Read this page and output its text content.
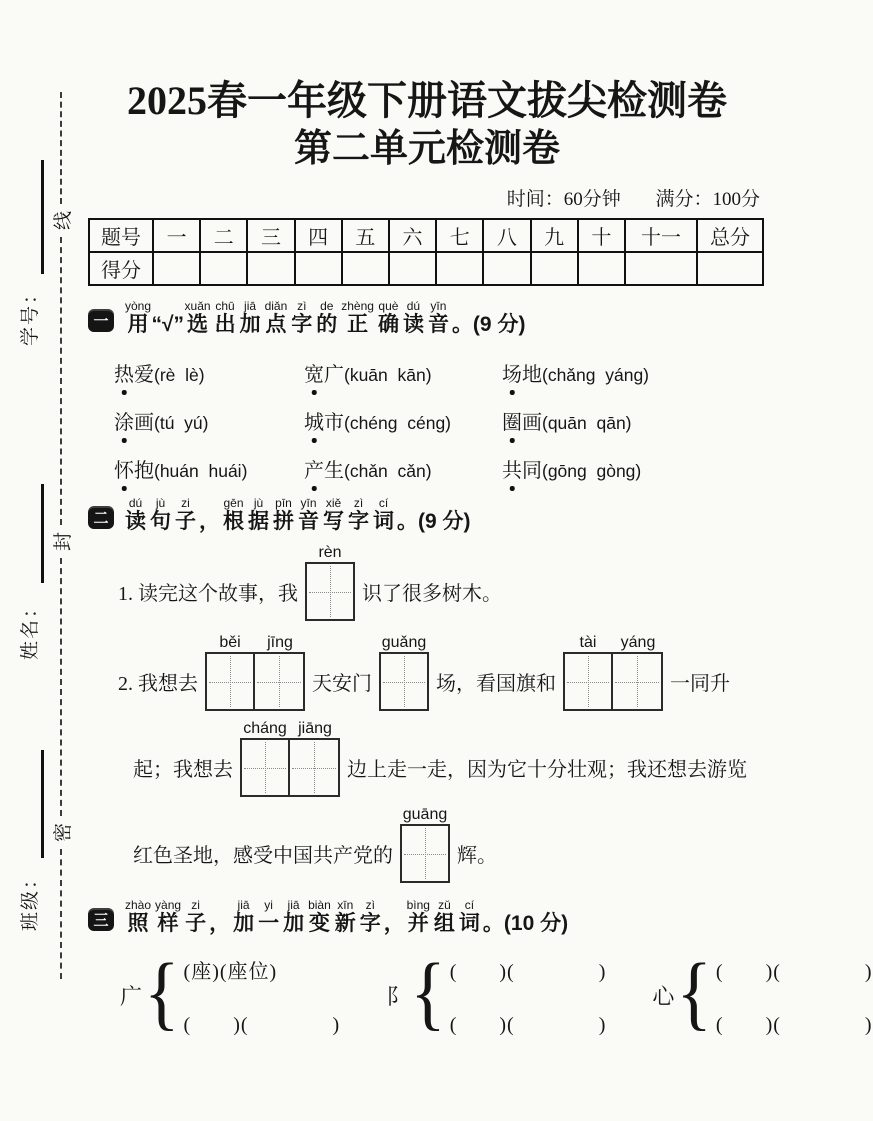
学号：
姓名：
班级：
线
封
密
2025春一年级下册语文拔尖检测卷
第二单元检测卷
时间：60分钟 满分：100分
题号	一	二	三	四	五	六	七	八	九	十	十一	总分
得分												
一 用yòng“√”选xuǎn出chū加jiā点diǎn字zì的de正zhèng确què读dú音yīn。(9 分)
热爱 (rè  lè)	宽广 (kuān  kān)	场地 (chǎng  yáng)
涂画 (tú  yú)	城市 (chéng  céng)	圈画 (quān  qān)
怀抱 (huán  huái)	产生 (chǎn  cǎn)	共同 (gōng  gòng)
二 读dú句jù子zi， 根gēn据jù拼pīn音yīn写xiě字zì词cí。(9 分)
1. 读完这个故事，我
rèn
识了很多树木。
2. 我想去
běi	jīng
天安门
guǎng
场，看国旗和
tài	yáng
一同升
起；我想去
cháng jiāng
边上走一走，因为它十分壮观；我还想去游览
红色圣地，感受中国共产党的
guāng
辉。
三 照zhào样yàng子zi， 加jiā一yi加jiā变biàn新xīn字zì，并bìng组zǔ词cí。(10 分)
广 { (座)(座位)
(　　)(　　　　)
阝 { (　　)(　　　　)
(　　)(　　　　)
心 { (　　)(　　　　)
(　　)(　　　　)
